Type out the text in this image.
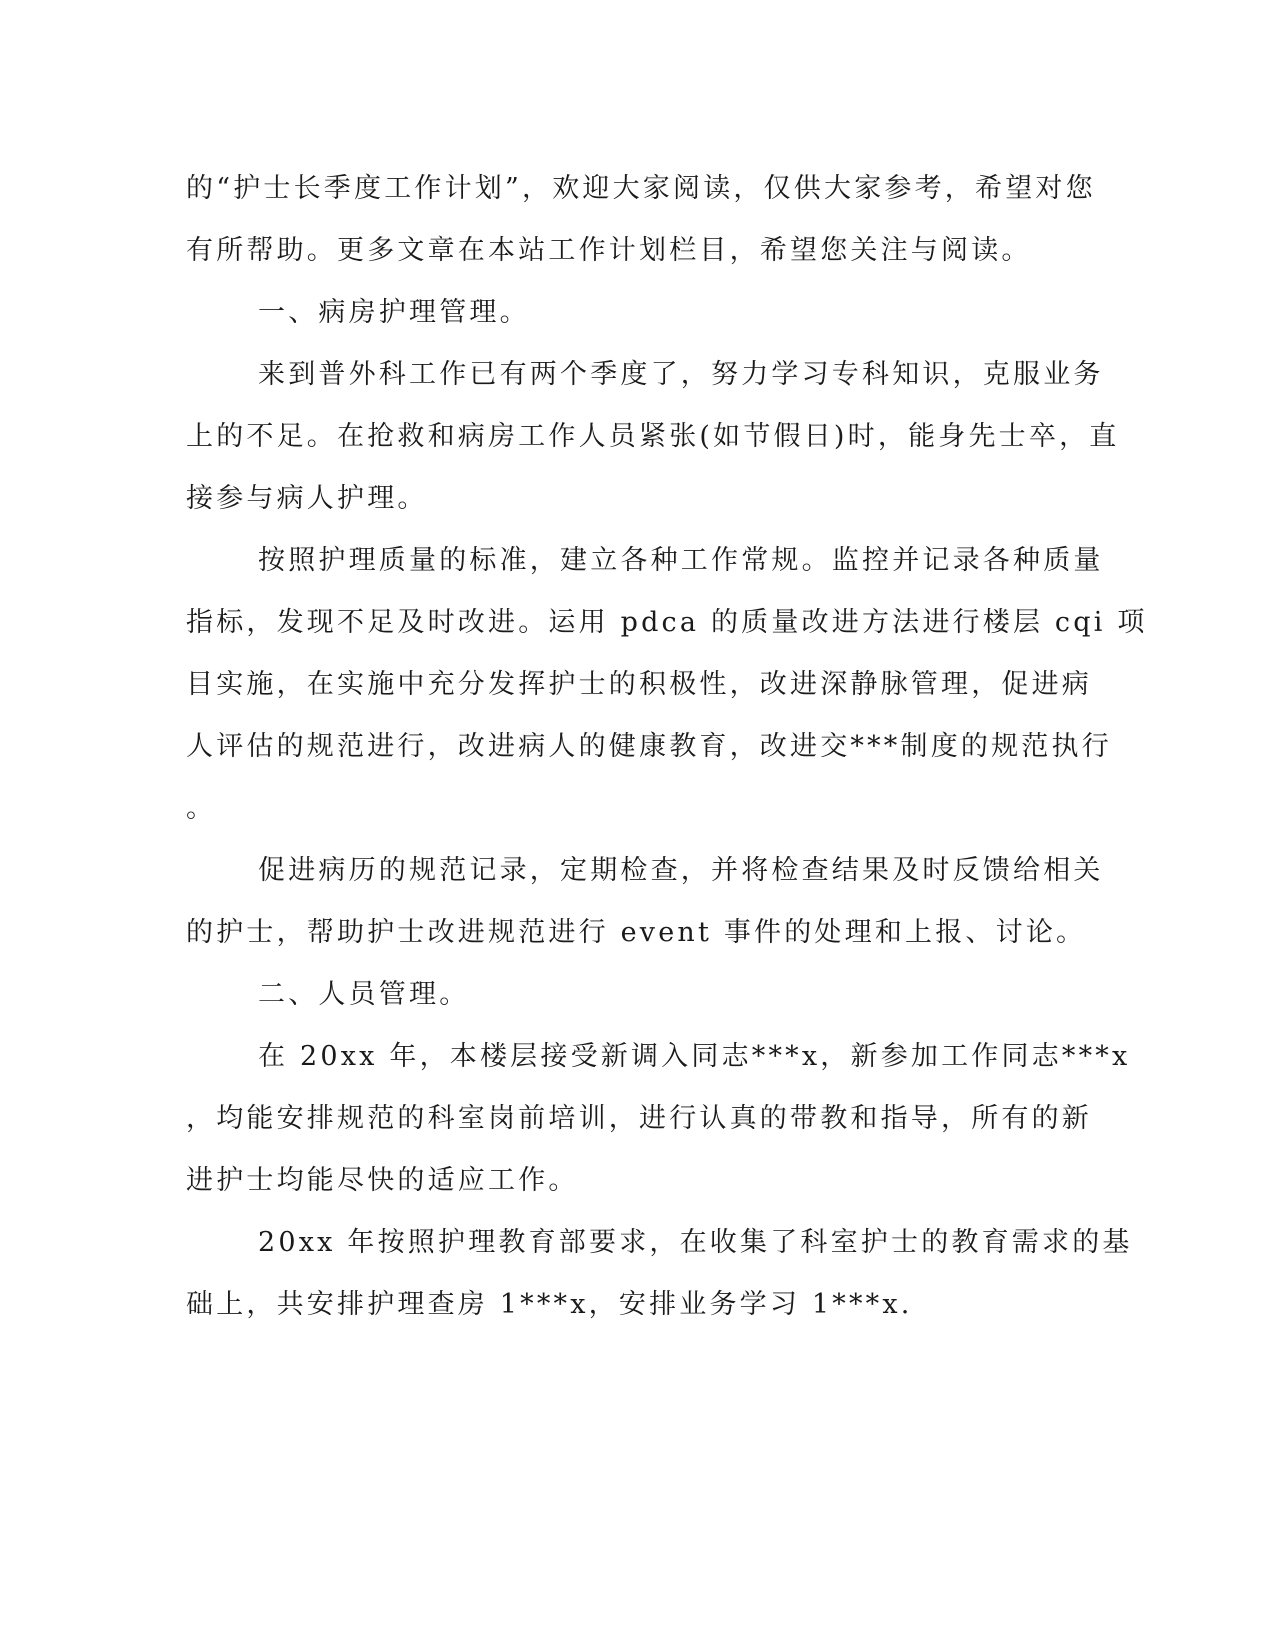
的“护士长季度工作计划”，欢迎大家阅读，仅供大家参考，希望对您
有所帮助。更多文章在本站工作计划栏目，希望您关注与阅读。
一、病房护理管理。
来到普外科工作已有两个季度了，努力学习专科知识，克服业务
上的不足。在抢救和病房工作人员紧张(如节假日)时，能身先士卒，直
接参与病人护理。
按照护理质量的标准，建立各种工作常规。监控并记录各种质量
指标，发现不足及时改进。运用 pdca 的质量改进方法进行楼层 cqi 项
目实施，在实施中充分发挥护士的积极性，改进深静脉管理，促进病
人评估的规范进行，改进病人的健康教育，改进交***制度的规范执行
。
促进病历的规范记录，定期检查，并将检查结果及时反馈给相关
的护士，帮助护士改进规范进行 event 事件的处理和上报、讨论。
二、人员管理。
在 20xx 年，本楼层接受新调入同志***x，新参加工作同志***x
，均能安排规范的科室岗前培训，进行认真的带教和指导，所有的新
进护士均能尽快的适应工作。
20xx 年按照护理教育部要求，在收集了科室护士的教育需求的基
础上，共安排护理查房 1***x，安排业务学习 1***x.
